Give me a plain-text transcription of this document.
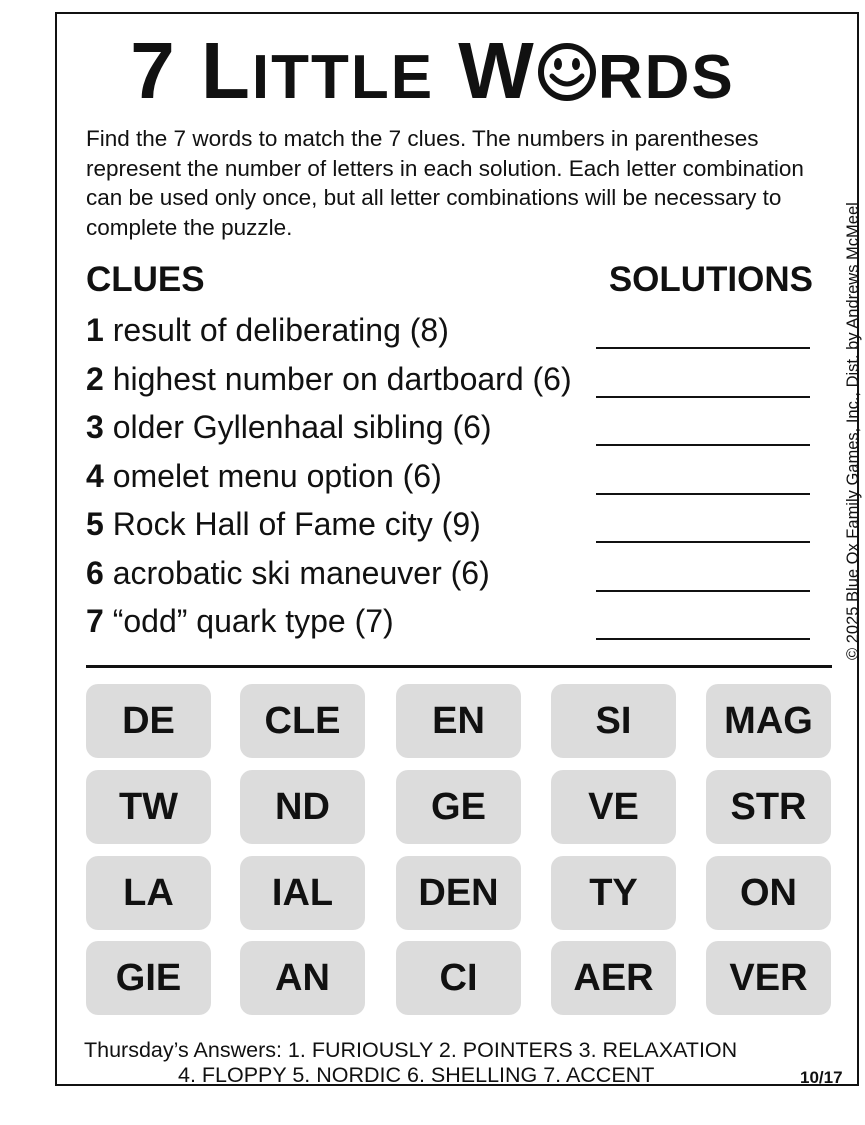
7 LITTLE W RDS
Find the 7 words to match the 7 clues. The numbers in parentheses represent the number of letters in each solution. Each letter combination can be used only once, but all letter combinations will be necessary to complete the puzzle.
CLUES	SOLUTIONS
1 result of deliberating (8)
2 highest number on dartboard (6)
3 older Gyllenhaal sibling (6)
4 omelet menu option (6)
5 Rock Hall of Fame city (9)
6 acrobatic ski maneuver (6)
7 “odd” quark type (7)
DE	CLE	EN	SI	MAG
TW	ND	GE	VE	STR
LA	IAL	DEN	TY	ON
GIE	AN	CI	AER	VER
Thursday’s Answers: 1. FURIOUSLY 2. POINTERS 3. RELAXATION
4. FLOPPY 5. NORDIC 6. SHELLING 7. ACCENT	10/17
© 2025 Blue Ox Family Games, Inc., Dist. by Andrews McMeel
